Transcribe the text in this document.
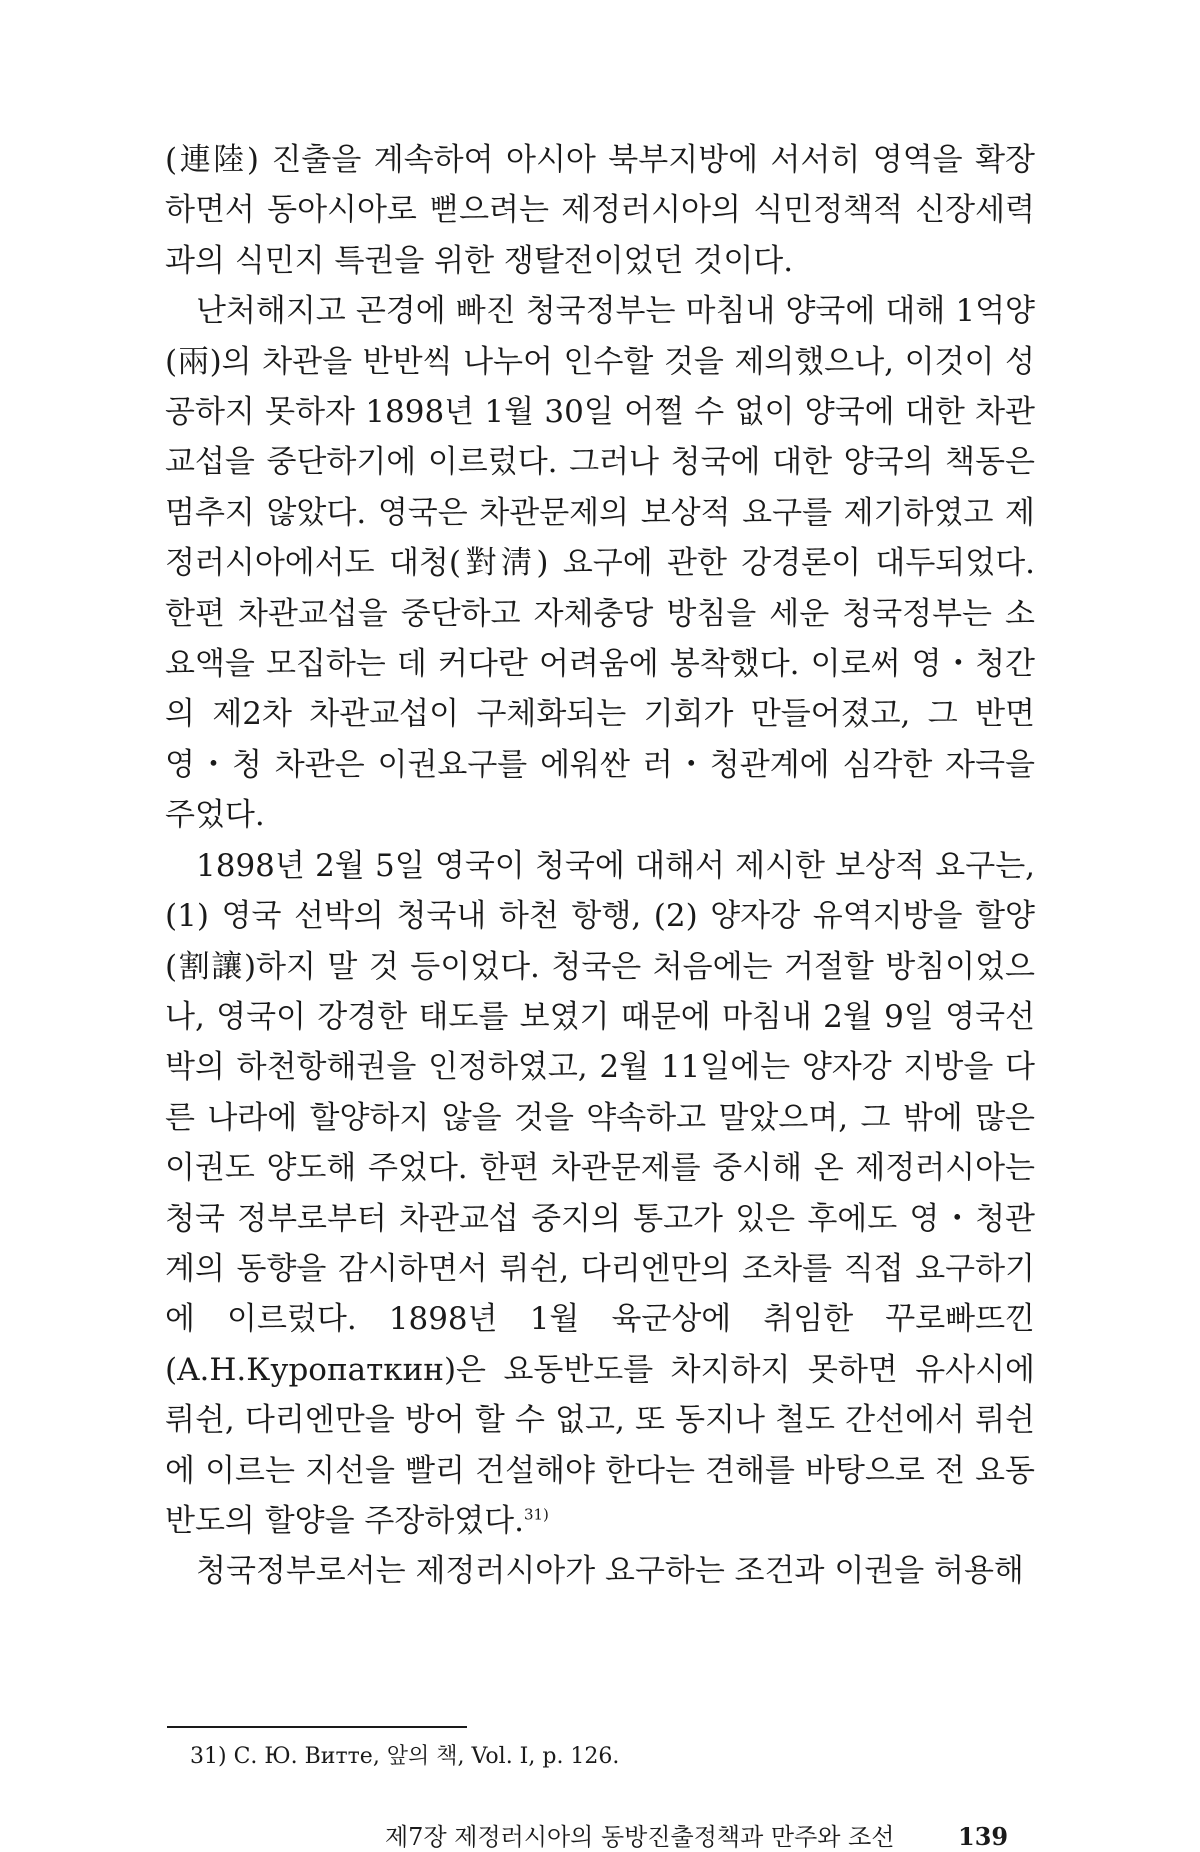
(連陸) 진출을 계속하여 아시아 북부지방에 서서히 영역을 확장하면서 동아시아로 뻗으려는 제정러시아의 식민정책적 신장세력과의 식민지 특권을 위한 쟁탈전이었던 것이다.

난처해지고 곤경에 빠진 청국정부는 마침내 양국에 대해 1억양(兩)의 차관을 반반씩 나누어 인수할 것을 제의했으나, 이것이 성공하지 못하자 1898년 1월 30일 어쩔 수 없이 양국에 대한 차관교섭을 중단하기에 이르렀다. 그러나 청국에 대한 양국의 책동은 멈추지 않았다. 영국은 차관문제의 보상적 요구를 제기하였고 제정러시아에서도 대청(對淸) 요구에 관한 강경론이 대두되었다. 한편 차관교섭을 중단하고 자체충당 방침을 세운 청국정부는 소요액을 모집하는 데 커다란 어려움에 봉착했다. 이로써 영・청간의 제2차 차관교섭이 구체화되는 기회가 만들어졌고, 그 반면 영・청 차관은 이권요구를 에워싼 러・청관계에 심각한 자극을 주었다.

1898년 2월 5일 영국이 청국에 대해서 제시한 보상적 요구는, (1) 영국 선박의 청국내 하천 항행, (2) 양자강 유역지방을 할양(割讓)하지 말 것 등이었다. 청국은 처음에는 거절할 방침이었으나, 영국이 강경한 태도를 보였기 때문에 마침내 2월 9일 영국선박의 하천항해권을 인정하였고, 2월 11일에는 양자강 지방을 다른 나라에 할양하지 않을 것을 약속하고 말았으며, 그 밖에 많은 이권도 양도해 주었다. 한편 차관문제를 중시해 온 제정러시아는 청국 정부로부터 차관교섭 중지의 통고가 있은 후에도 영・청관계의 동향을 감시하면서 뤼쉰, 다리엔만의 조차를 직접 요구하기에 이르렀다. 1898년 1월 육군상에 취임한 꾸로빠뜨낀(A.H.Куропаткин)은 요동반도를 차지하지 못하면 유사시에 뤼쉰, 다리엔만을 방어 할 수 없고, 또 동지나 철도 간선에서 뤼쉰에 이르는 지선을 빨리 건설해야 한다는 견해를 바탕으로 전 요동반도의 할양을 주장하였다.$^{31)}$

청국정부로서는 제정러시아가 요구하는 조건과 이권을 허용해

31) С. Ю. Витте, 앞의 책, Vol. I, p. 126.
제7장 제정러시아의 동방진출정책과 만주와 조선	139
